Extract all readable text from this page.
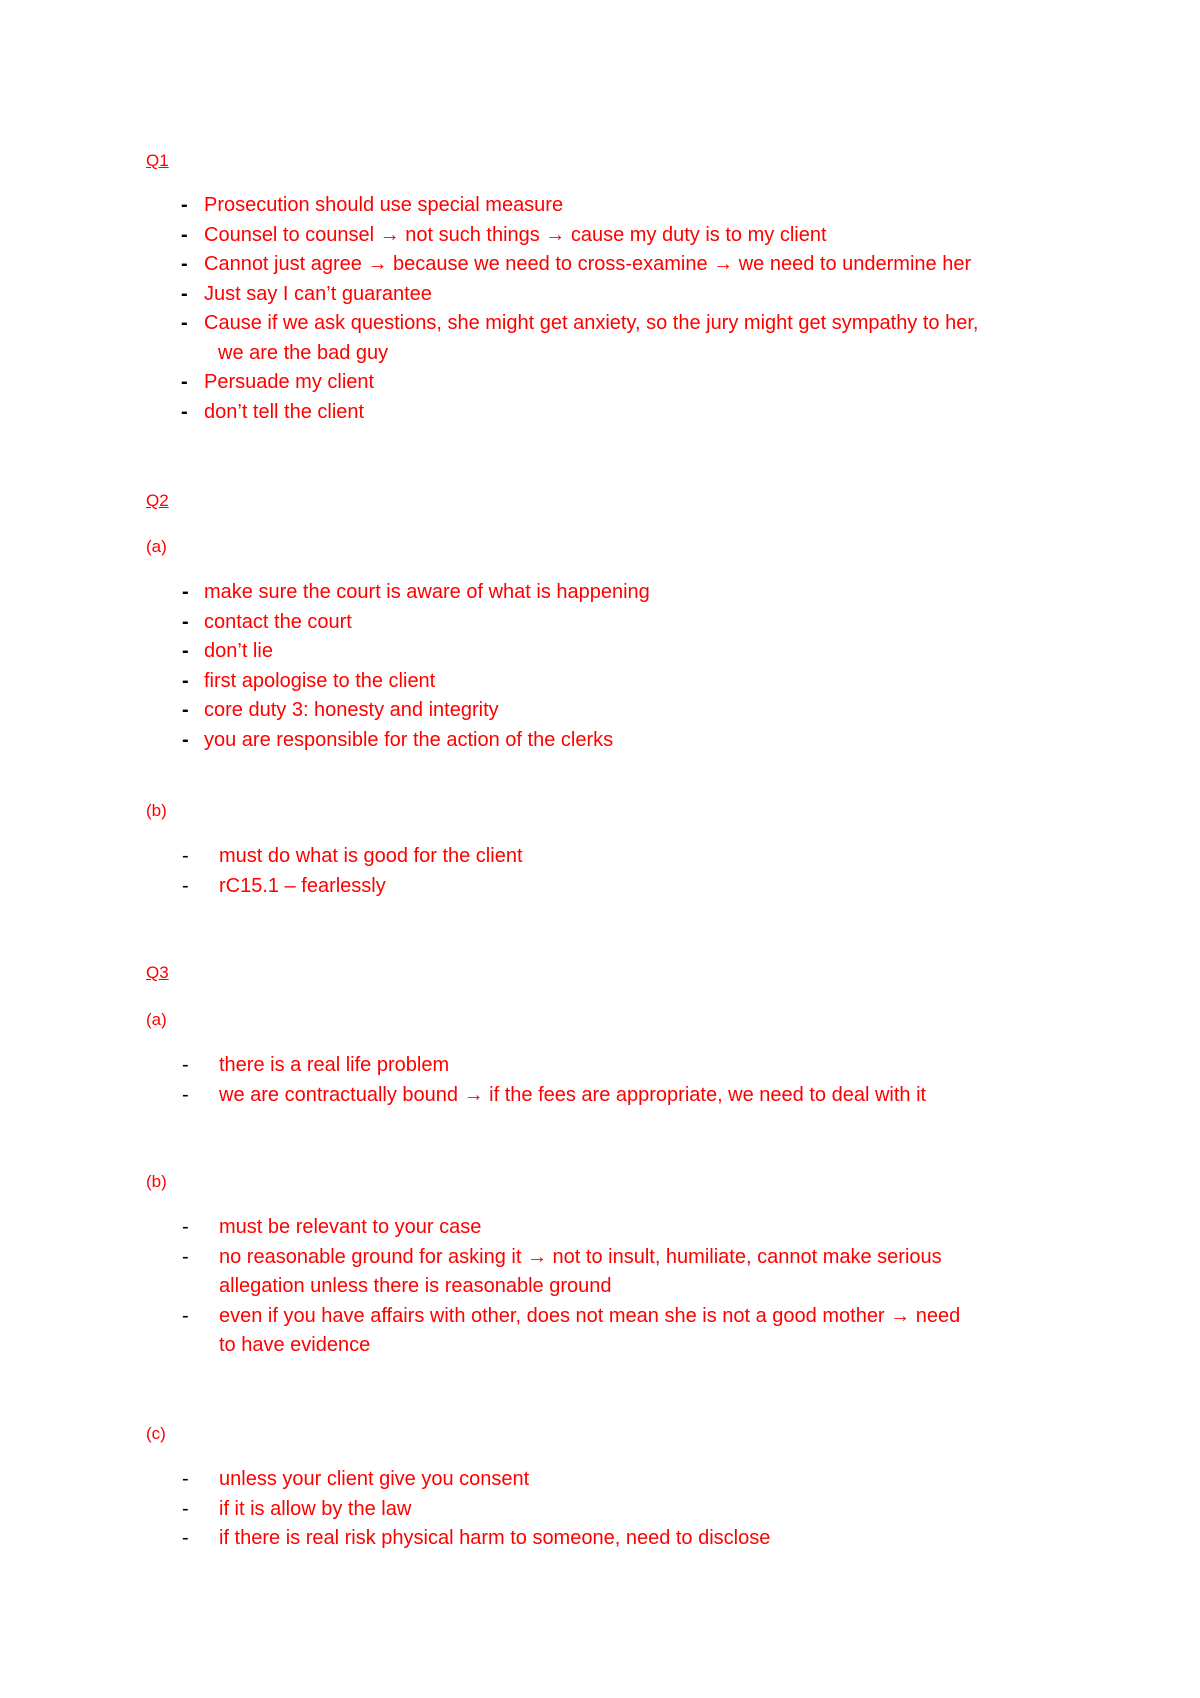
Q1
- Prosecution should use special measure
- Counsel to counsel → not such things → cause my duty is to my client
- Cannot just agree → because we need to cross-examine → we need to undermine her
- Just say I can’t guarantee
- Cause if we ask questions, she might get anxiety, so the jury might get sympathy to her,
we are the bad guy
- Persuade my client
- don’t tell the client
Q2
(a)
- make sure the court is aware of what is happening
- contact the court
- don’t lie
- first apologise to the client
- core duty 3: honesty and integrity
- you are responsible for the action of the clerks
(b)
-	must do what is good for the client
-	rC15.1 – fearlessly
Q3
(a)
-	there is a real life problem
-	we are contractually bound → if the fees are appropriate, we need to deal with it
(b)
-	must be relevant to your case
-	no reasonable ground for asking it → not to insult, humiliate, cannot make serious
allegation unless there is reasonable ground
-	even if you have affairs with other, does not mean she is not a good mother → need
to have evidence
(c)
-	unless your client give you consent
-	if it is allow by the law
-	if there is real risk physical harm to someone, need to disclose
